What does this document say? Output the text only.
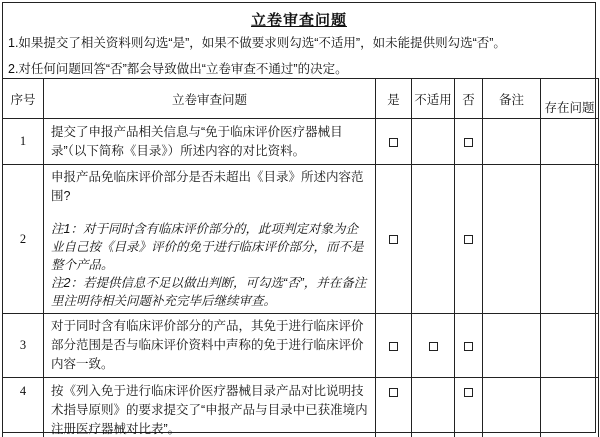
立卷审查问题
1.如果提交了相关资料则勾选“是”，如果不做要求则勾选“不适用”，如未能提供则勾选“否”。
2.对任何问题回答“否”都会导致做出“立卷审查不通过”的决定。
序号	立卷审查问题	是	不适用	否	备注	存在问题
1	提交了申报产品相关信息与“免于临床评价医疗器械目录”（以下简称《目录》）所述内容的对比资料。					

2	申报产品免临床评价部分是否未超出《目录》所述内容范围?

注1：对于同时含有临床评价部分的，此项判定对象为企业自己按《目录》评价的免于进行临床评价部分，而不是整个产品。

注2：若提供信息不足以做出判断，可勾选“否”，并在备注里注明待相关问题补充完毕后继续审查。					

3	对于同时含有临床评价部分的产品，其免于进行临床评价部分范围是否与临床评价资料中声称的免于进行临床评价内容一致。					

4	按《列入免于进行临床评价医疗器械目录产品对比说明技术指导原则》的要求提交了“申报产品与目录中已获准境内注册医疗器械对比表”。					
